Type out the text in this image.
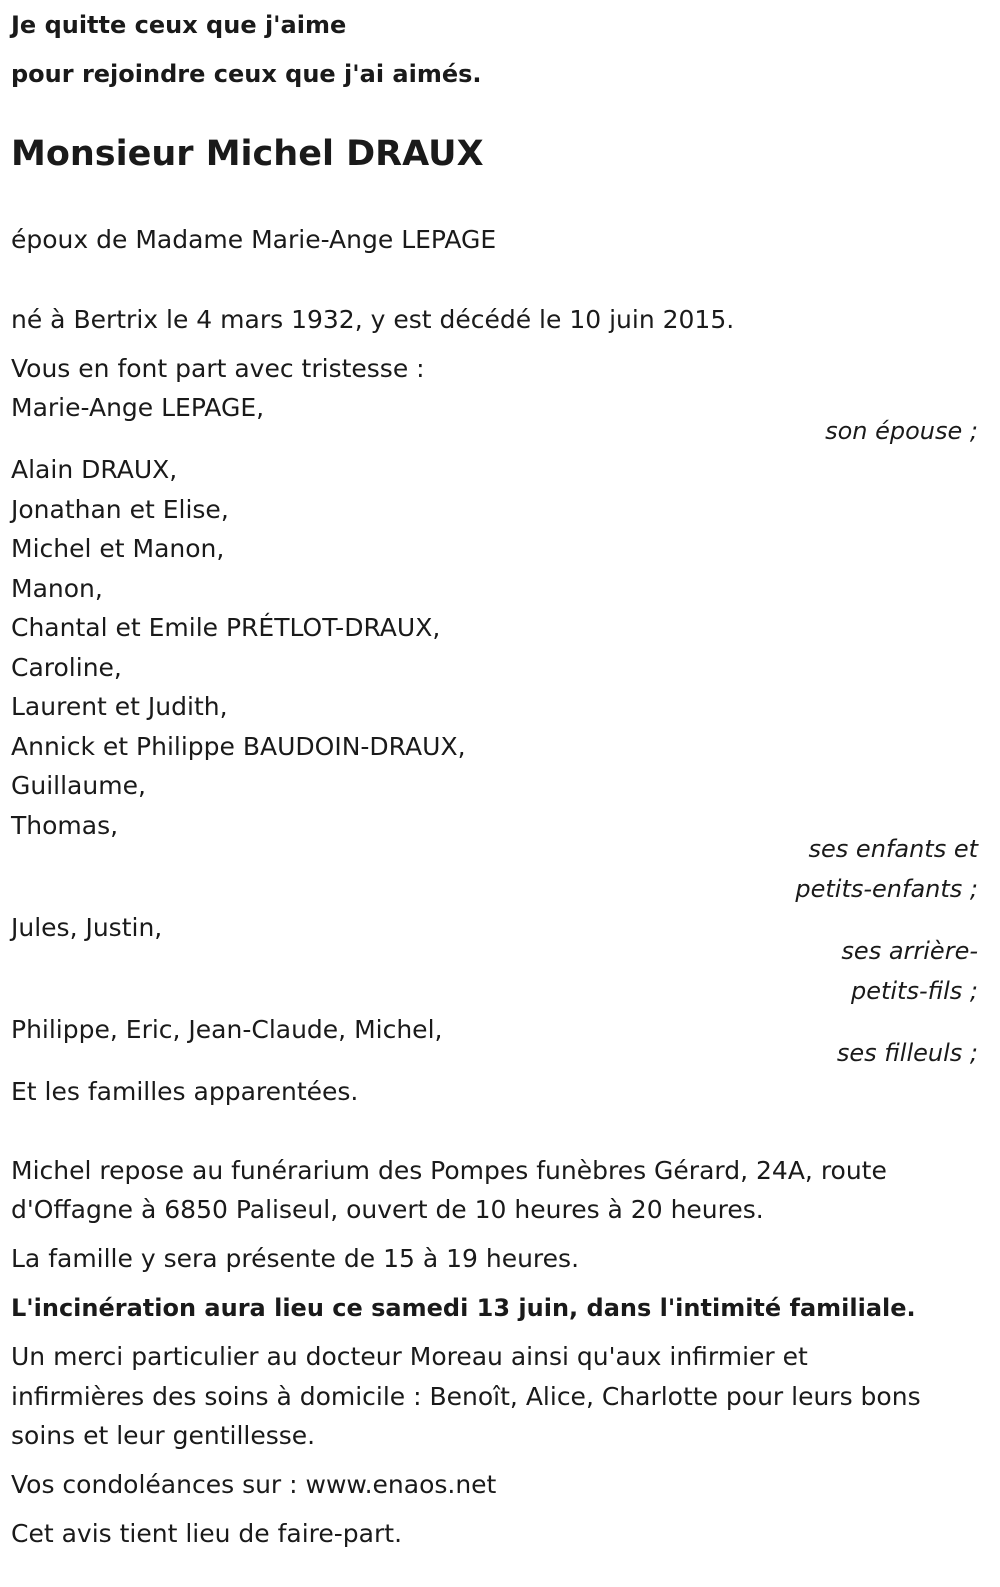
Je quitte ceux que j'aime

pour rejoindre ceux que j'ai aimés.

Monsieur Michel DRAUX

époux de Madame Marie-Ange LEPAGE

né à Bertrix le 4 mars 1932, y est décédé le 10 juin 2015.

Vous en font part avec tristesse :

Marie-Ange LEPAGE,

son épouse ;

Alain DRAUX,

Jonathan et Elise,

Michel et Manon,

Manon,

Chantal et Emile PRÉTLOT-DRAUX,

Caroline,

Laurent et Judith,

Annick et Philippe BAUDOIN-DRAUX,

Guillaume,

Thomas,

ses enfants et

petits-enfants ;

Jules, Justin,

ses arrière-

petits-fils ;

Philippe, Eric, Jean-Claude, Michel,

ses filleuls ;

Et les familles apparentées.

Michel repose au funérarium des Pompes funèbres Gérard, 24A, route

d'Offagne à 6850 Paliseul, ouvert de 10 heures à 20 heures.

La famille y sera présente de 15 à 19 heures.

L'incinération aura lieu ce samedi 13 juin, dans l'intimité familiale.

Un merci particulier au docteur Moreau ainsi qu'aux infirmier et

infirmières des soins à domicile : Benoît, Alice, Charlotte pour leurs bons

soins et leur gentillesse.

Vos condoléances sur : www.enaos.net

Cet avis tient lieu de faire-part.
